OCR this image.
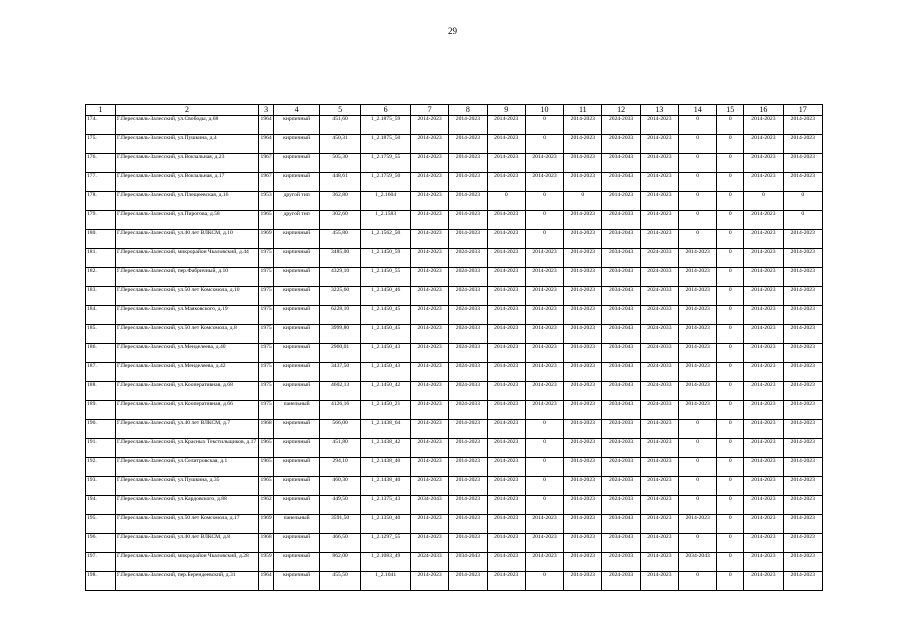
29
1	2	3	4	5	6	7	8	9	10	11	12	13	14	15	16	17
174.	Г.Переславль-Залесский, ул.Свободы, д.68	1964	кирпичный	451,60	1_2.1875_59	2014-2023	2014-2023	2014-2023	0	2014-2023	2024-2033	2014-2023	0	0	2014-2023	2014-2023
175.	Г.Переславль-Залесский, ул.Пушкина, д.4	1964	кирпичный	450,31	1_2.1875_50	2014-2023	2014-2023	2014-2023	0	2014-2023	2024-2033	2014-2023	0	0	2014-2023	2014-2023
176.	Г.Переславль-Залесский, ул.Вокзальная, д.23	1967	кирпичный	505,30	1_2.1759_55	2014-2023	2014-2023	2014-2023	2014-2023	2014-2023	2034-2043	2014-2023	0	0	2014-2023	2014-2023
177.	Г.Переславль-Залесский, ул.Вокзальная, д.17	1967	кирпичный	448,61	1_2.1759_50	2014-2023	2014-2023	2014-2023	2014-2023	2014-2023	2034-2043	2014-2023	0	0	2014-2023	2014-2023
178.	Г.Переславль-Залесский, ул.Плещеевская, д.16	1953	другой тип	362,80	1_2.1604	2014-2023	2014-2023	0	0	0	2014-2023	2014-2023	0	0	0	0
179.	Г.Переславль-Залесский, ул.Пирогова, д.58	1965	другой тип	302,60	1_2.1583	2014-2023	2014-2023	2014-2023	0	2014-2023	2024-2033	2014-2023	0	0	2014-2023	0
180.	Г.Переславль-Залесский, ул.40 лет ВЛКСМ, д.10	1969	кирпичный	455,80	1_2.1562_50	2014-2023	2014-2023	2014-2023	0	2014-2023	2034-2043	2014-2023	0	0	2014-2023	2014-2023
181.	Г.Переславль-Залесский, микрорайон Чкаловский, д.44	1975	кирпичный	3485,00	1_2.1450_59	2014-2023	2024-2033	2014-2023	2014-2023	2014-2023	2034-2043	2024-2033	2014-2023	0	2014-2023	2014-2023
182.	Г.Переславль-Залесский, пер.Фабричный, д.10	1975	кирпичный	4329,10	1_2.1450_55	2014-2023	2024-2033	2014-2023	2014-2023	2014-2023	2034-2043	2024-2033	2014-2023	0	2014-2023	2014-2023
183.	Г.Переславль-Залесский, ул.50 лет Комсомола, д.10	1975	кирпичный	3225,60	1_2.1450_46	2014-2023	2024-2033	2014-2023	2014-2023	2014-2023	2034-2043	2024-2033	2014-2023	0	2014-2023	2014-2023
184.	Г.Переславль-Залесский, ул.Маяковского, д.19	1975	кирпичный	6228,10	1_2.1450_45	2014-2023	2024-2033	2014-2023	2014-2023	2014-2023	2034-2043	2024-2033	2014-2023	0	2014-2023	2014-2023
185.	Г.Переславль-Залесский, ул.50 лет Комсомола, д.8	1975	кирпичный	3999,80	1_2.1450_45	2014-2023	2024-2033	2014-2023	2014-2023	2014-2023	2034-2043	2024-2033	2014-2023	0	2014-2023	2014-2023
186.	Г.Переславль-Залесский, ул.Менделеева, д.40	1975	кирпичный	2960,01	1_2.1450_43	2014-2023	2024-2033	2014-2023	2014-2023	2014-2023	2034-2043	2024-2033	2014-2023	0	2014-2023	2014-2023
187.	Г.Переславль-Залесский, ул.Менделеева, д.42	1975	кирпичный	3437,50	1_2.1450_43	2014-2023	2024-2033	2014-2023	2014-2023	2014-2023	2034-2043	2024-2033	2014-2023	0	2014-2023	2014-2023
188.	Г.Переславль-Залесский, ул.Кооперативная, д.68	1975	кирпичный	4602,13	1_2.1450_42	2014-2023	2024-2033	2014-2023	2014-2023	2014-2023	2034-2043	2024-2033	2014-2023	0	2014-2023	2014-2023
189.	Г.Переславль-Залесский, ул.Кооперативная, д.66	1975	панельный	4126,16	1_2.1450_21	2014-2023	2024-2033	2014-2023	2014-2023	2014-2023	2034-2043	2024-2033	2014-2023	0	2014-2023	2014-2023
190.	Г.Переславль-Залесский, ул.40 лет ВЛКСМ, д.7	1968	кирпичный	566,00	1_2.1438_64	2014-2023	2014-2023	2014-2023	0	2014-2023	2024-2033	2014-2023	0	0	2014-2023	2014-2023
191.	Г.Переславль-Залесский, ул.Красных Текстильщиков, д.17	1965	кирпичный	451,80	1_2.1438_42	2014-2023	2014-2023	2014-2023	0	2014-2023	2024-2033	2014-2023	0	0	2014-2023	2014-2023
192.	Г.Переславль-Залесский, ул.Селитровская, д.1	1965	кирпичный	294,10	1_2.1438_40	2014-2023	2014-2023	2014-2023	0	2014-2023	2024-2033	2014-2023	0	0	2014-2023	2014-2023
193.	Г.Переславль-Залесский, ул.Пушкина, д.35	1965	кирпичный	460,30	1_2.1438_40	2014-2023	2014-2023	2014-2023	0	2014-2023	2024-2033	2014-2023	0	0	2014-2023	2014-2023
194.	Г.Переславль-Залесский, ул.Кардовского, д.88	1962	кирпичный	449,50	1_2.1375_43	2034-2043	2014-2023	2014-2023	0	2014-2023	2024-2033	2014-2023	0	0	2014-2023	2014-2023
195.	Г.Переславль-Залесский, ул.50 лет Комсомола, д.17	1969	панельный	3591,50	1_2.1350_40	2014-2023	2014-2023	2014-2023	2014-2023	2014-2023	2034-2043	2014-2023	2014-2023	0	2014-2023	2014-2023
196.	Г.Переславль-Залесский, ул.40 лет ВЛКСМ, д.8	1968	кирпичный	466,50	1_2.1297_55	2014-2023	2014-2023	2014-2023	2014-2023	2014-2023	2034-2043	2014-2023	0	0	2014-2023	2014-2023
197.	Г.Переславль-Залесский, микрорайон Чкаловский, д.28	1959	кирпичный	862,00	1_2.1083_49	2024-2033	2034-2043	2014-2023	2014-2023	2014-2023	2024-2033	2014-2023	2034-2043	0	2014-2023	2014-2023
198.	Г.Переславль-Залесский, пер.Берендеевский, д.31	1964	кирпичный	455,50	1_2.1041	2014-2023	2014-2023	2014-2023	0	2014-2023	2024-2033	2014-2023	0	0	2014-2023	2014-2023
